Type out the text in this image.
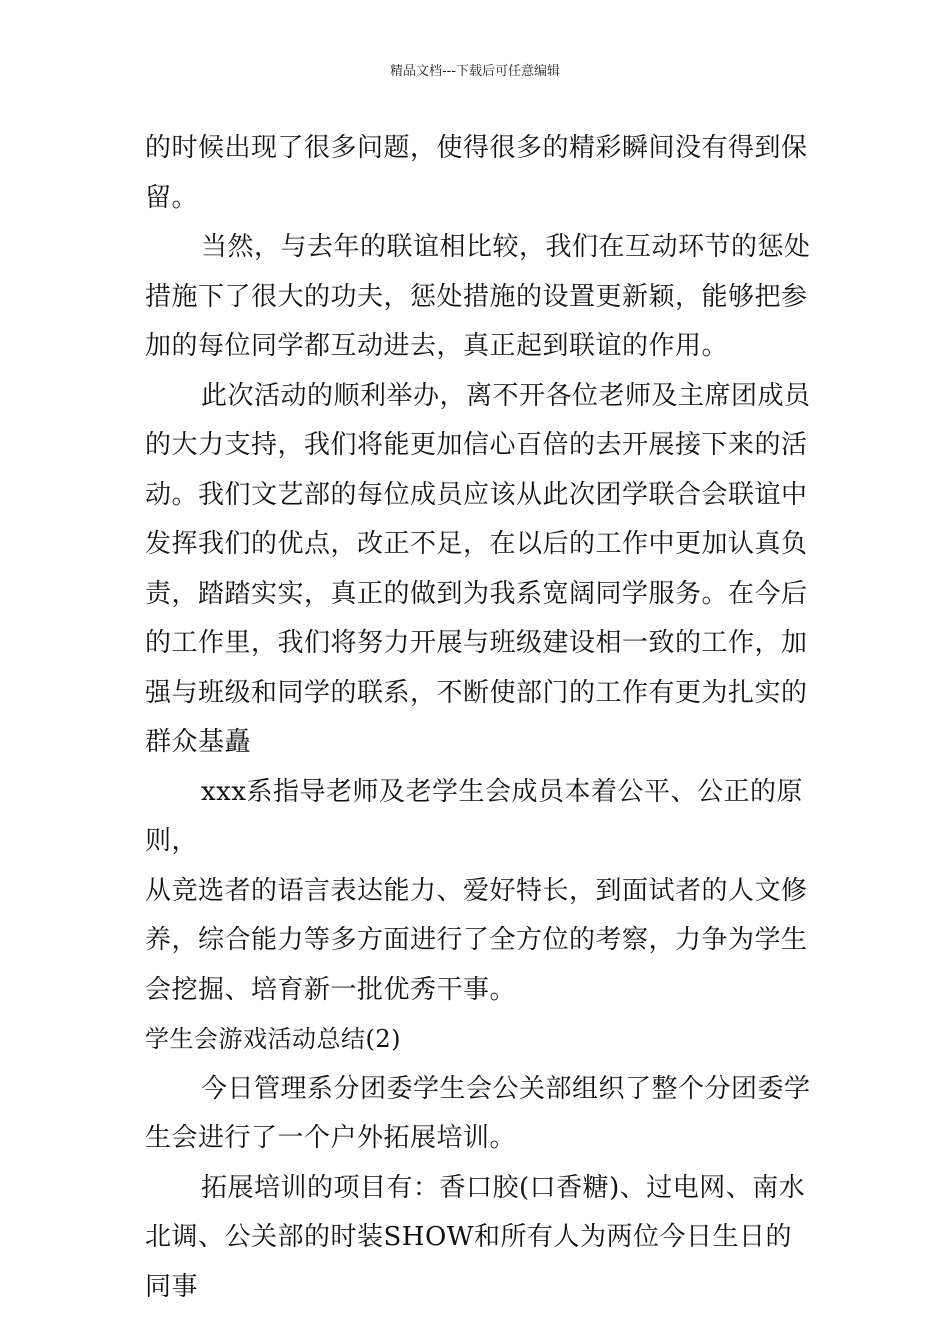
精品文档---下载后可任意编辑

的时候出现了很多问题，使得很多的精彩瞬间没有得到保

留。

当然，与去年的联谊相比较，我们在互动环节的惩处

措施下了很大的功夫，惩处措施的设置更新颖，能够把参

加的每位同学都互动进去，真正起到联谊的作用。

此次活动的顺利举办，离不开各位老师及主席团成员

的大力支持，我们将能更加信心百倍的去开展接下来的活

动。我们文艺部的每位成员应该从此次团学联合会联谊中

发挥我们的优点，改正不足，在以后的工作中更加认真负

责，踏踏实实，真正的做到为我系宽阔同学服务。在今后

的工作里，我们将努力开展与班级建设相一致的工作，加

强与班级和同学的联系，不断使部门的工作有更为扎实的

群众基矗

xxx系指导老师及老学生会成员本着公平、公正的原则，

从竞选者的语言表达能力、爱好特长，到面试者的人文修

养，综合能力等多方面进行了全方位的考察，力争为学生

会挖掘、培育新一批优秀干事。

学生会游戏活动总结(2)

今日管理系分团委学生会公关部组织了整个分团委学

生会进行了一个户外拓展培训。

拓展培训的项目有：香口胶(口香糖)、过电网、南水

北调、公关部的时装SHOW和所有人为两位今日生日的同事
